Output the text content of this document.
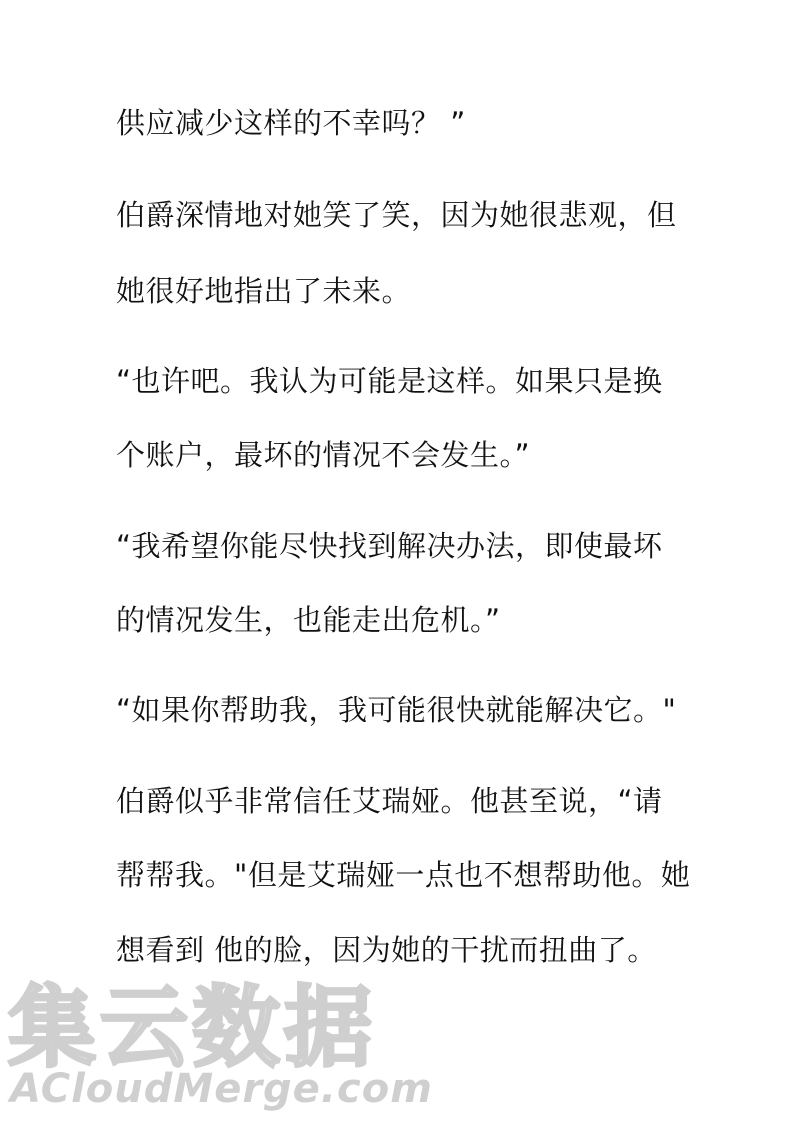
供应减少这样的不幸吗？ ”
伯爵深情地对她笑了笑，因为她很悲观，但
她很好地指出了未来。
“也许吧。我认为可能是这样。如果只是换
个账户，最坏的情况不会发生。”
“我希望你能尽快找到解决办法，即使最坏
的情况发生，也能走出危机。”
“如果你帮助我，我可能很快就能解决它。"
伯爵似乎非常信任艾瑞娅。他甚至说，“请
帮帮我。"但是艾瑞娅一点也不想帮助他。她
想看到 他的脸，因为她的干扰而扭曲了。
集云数据
ACloudMerge.com
